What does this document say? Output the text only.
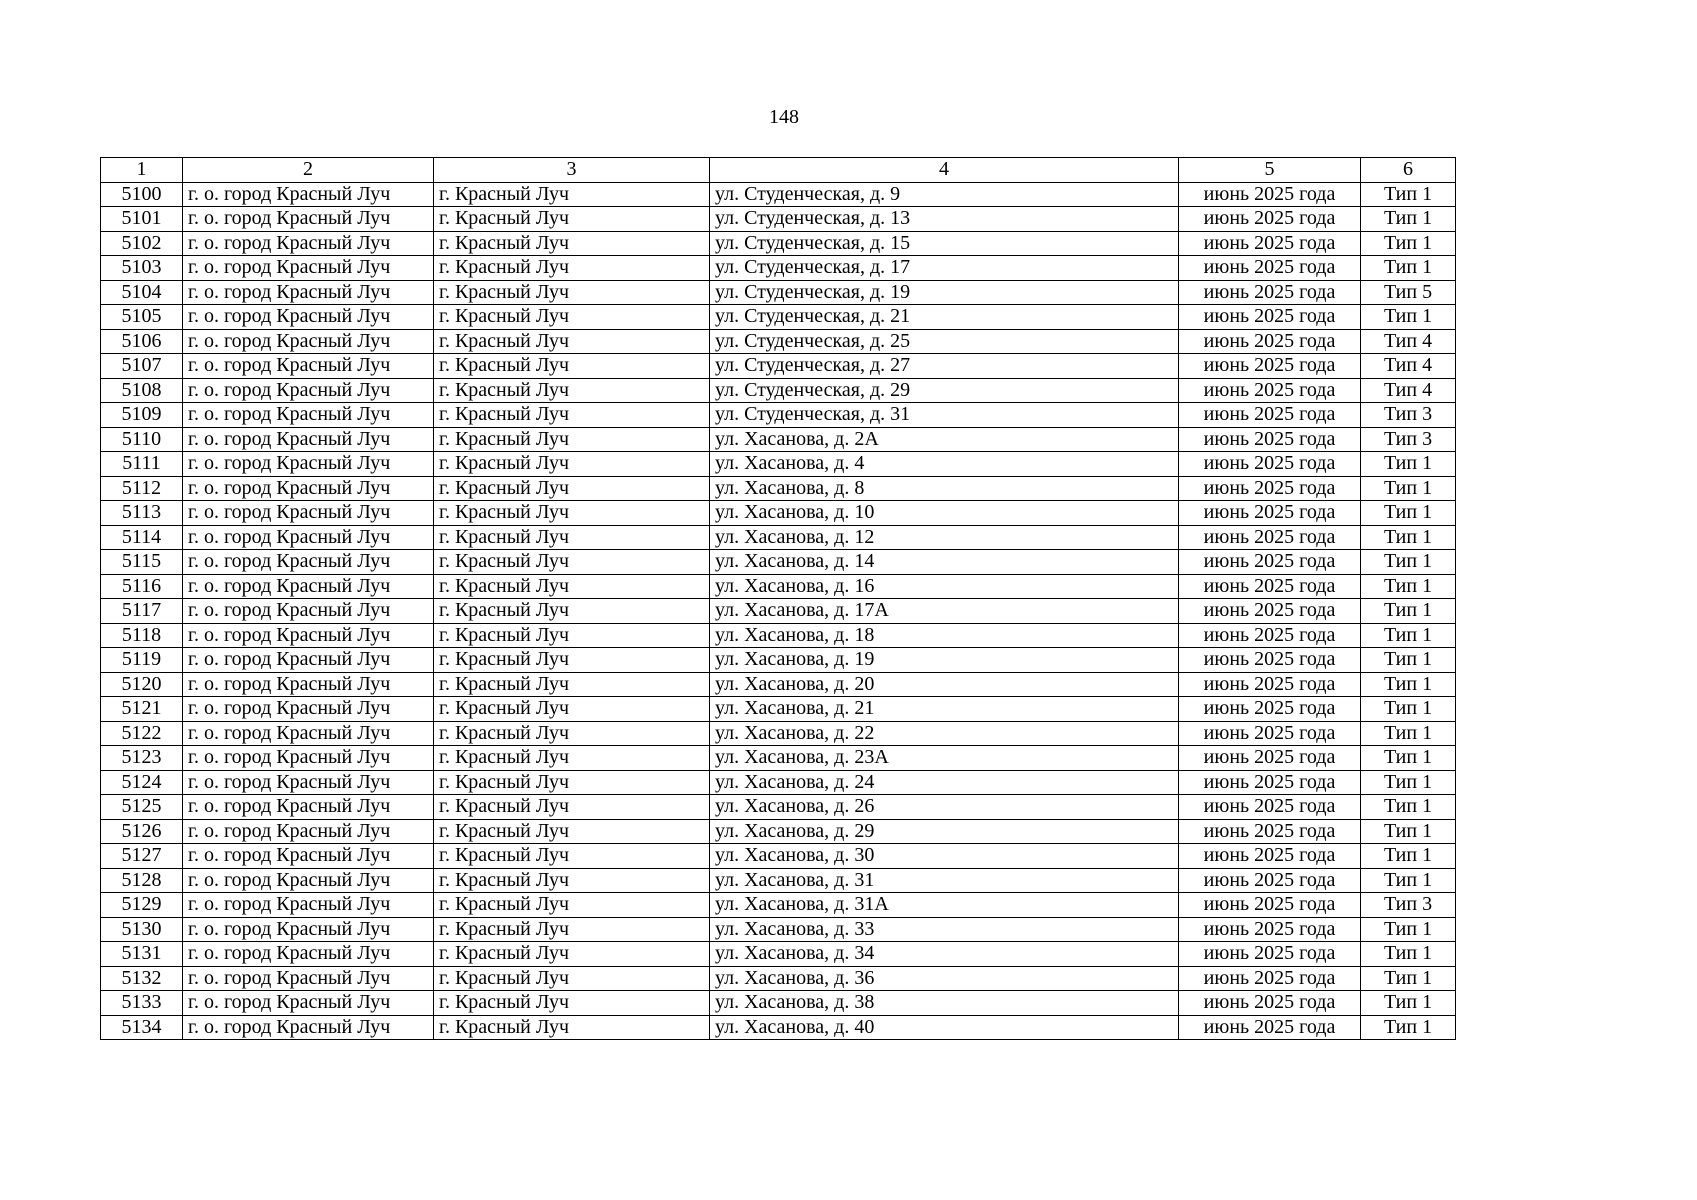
148
1	2	3	4	5	6
5100	г. о. город Красный Луч	г. Красный Луч	ул. Студенческая, д. 9	июнь 2025 года	Тип 1
5101	г. о. город Красный Луч	г. Красный Луч	ул. Студенческая, д. 13	июнь 2025 года	Тип 1
5102	г. о. город Красный Луч	г. Красный Луч	ул. Студенческая, д. 15	июнь 2025 года	Тип 1
5103	г. о. город Красный Луч	г. Красный Луч	ул. Студенческая, д. 17	июнь 2025 года	Тип 1
5104	г. о. город Красный Луч	г. Красный Луч	ул. Студенческая, д. 19	июнь 2025 года	Тип 5
5105	г. о. город Красный Луч	г. Красный Луч	ул. Студенческая, д. 21	июнь 2025 года	Тип 1
5106	г. о. город Красный Луч	г. Красный Луч	ул. Студенческая, д. 25	июнь 2025 года	Тип 4
5107	г. о. город Красный Луч	г. Красный Луч	ул. Студенческая, д. 27	июнь 2025 года	Тип 4
5108	г. о. город Красный Луч	г. Красный Луч	ул. Студенческая, д. 29	июнь 2025 года	Тип 4
5109	г. о. город Красный Луч	г. Красный Луч	ул. Студенческая, д. 31	июнь 2025 года	Тип 3
5110	г. о. город Красный Луч	г. Красный Луч	ул. Хасанова, д. 2А	июнь 2025 года	Тип 3
5111	г. о. город Красный Луч	г. Красный Луч	ул. Хасанова, д. 4	июнь 2025 года	Тип 1
5112	г. о. город Красный Луч	г. Красный Луч	ул. Хасанова, д. 8	июнь 2025 года	Тип 1
5113	г. о. город Красный Луч	г. Красный Луч	ул. Хасанова, д. 10	июнь 2025 года	Тип 1
5114	г. о. город Красный Луч	г. Красный Луч	ул. Хасанова, д. 12	июнь 2025 года	Тип 1
5115	г. о. город Красный Луч	г. Красный Луч	ул. Хасанова, д. 14	июнь 2025 года	Тип 1
5116	г. о. город Красный Луч	г. Красный Луч	ул. Хасанова, д. 16	июнь 2025 года	Тип 1
5117	г. о. город Красный Луч	г. Красный Луч	ул. Хасанова, д. 17А	июнь 2025 года	Тип 1
5118	г. о. город Красный Луч	г. Красный Луч	ул. Хасанова, д. 18	июнь 2025 года	Тип 1
5119	г. о. город Красный Луч	г. Красный Луч	ул. Хасанова, д. 19	июнь 2025 года	Тип 1
5120	г. о. город Красный Луч	г. Красный Луч	ул. Хасанова, д. 20	июнь 2025 года	Тип 1
5121	г. о. город Красный Луч	г. Красный Луч	ул. Хасанова, д. 21	июнь 2025 года	Тип 1
5122	г. о. город Красный Луч	г. Красный Луч	ул. Хасанова, д. 22	июнь 2025 года	Тип 1
5123	г. о. город Красный Луч	г. Красный Луч	ул. Хасанова, д. 23А	июнь 2025 года	Тип 1
5124	г. о. город Красный Луч	г. Красный Луч	ул. Хасанова, д. 24	июнь 2025 года	Тип 1
5125	г. о. город Красный Луч	г. Красный Луч	ул. Хасанова, д. 26	июнь 2025 года	Тип 1
5126	г. о. город Красный Луч	г. Красный Луч	ул. Хасанова, д. 29	июнь 2025 года	Тип 1
5127	г. о. город Красный Луч	г. Красный Луч	ул. Хасанова, д. 30	июнь 2025 года	Тип 1
5128	г. о. город Красный Луч	г. Красный Луч	ул. Хасанова, д. 31	июнь 2025 года	Тип 1
5129	г. о. город Красный Луч	г. Красный Луч	ул. Хасанова, д. 31А	июнь 2025 года	Тип 3
5130	г. о. город Красный Луч	г. Красный Луч	ул. Хасанова, д. 33	июнь 2025 года	Тип 1
5131	г. о. город Красный Луч	г. Красный Луч	ул. Хасанова, д. 34	июнь 2025 года	Тип 1
5132	г. о. город Красный Луч	г. Красный Луч	ул. Хасанова, д. 36	июнь 2025 года	Тип 1
5133	г. о. город Красный Луч	г. Красный Луч	ул. Хасанова, д. 38	июнь 2025 года	Тип 1
5134	г. о. город Красный Луч	г. Красный Луч	ул. Хасанова, д. 40	июнь 2025 года	Тип 1
